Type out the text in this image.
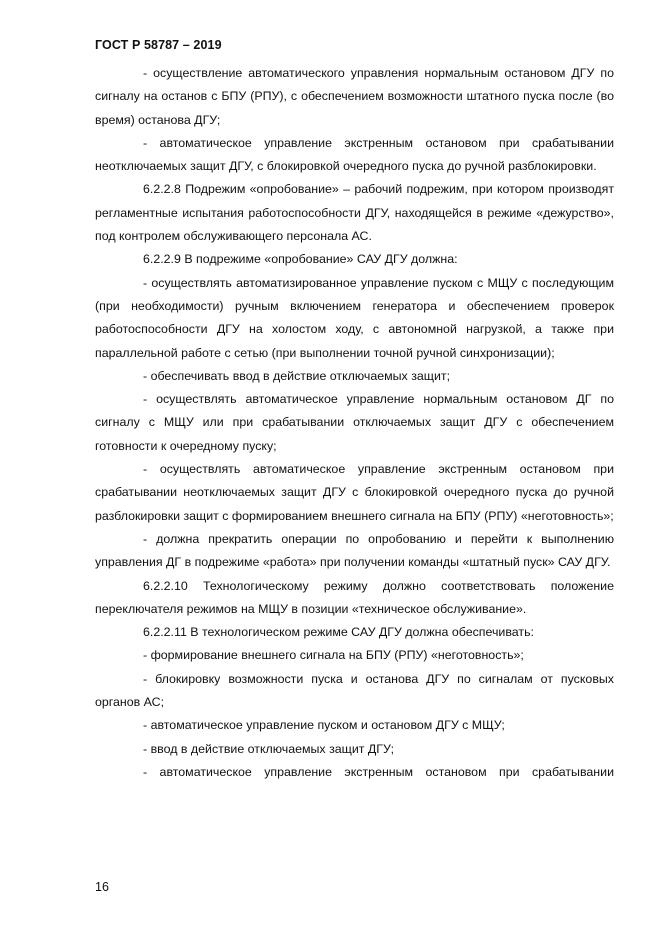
ГОСТ Р 58787 – 2019

- осуществление автоматического управления нормальным остановом ДГУ по сигналу на останов с БПУ (РПУ), с обеспечением возможности штатного пуска после (во время) останова ДГУ;

- автоматическое управление экстренным остановом при срабатывании неотключаемых защит ДГУ, с блокировкой очередного пуска до ручной разблокировки.

6.2.2.8 Подрежим «опробование» – рабочий подрежим, при котором производят регламентные испытания работоспособности ДГУ, находящейся в режиме «дежурство», под контролем обслуживающего персонала АС.

6.2.2.9 В подрежиме «опробование» САУ ДГУ должна:

- осуществлять автоматизированное управление пуском с МЩУ с последующим (при необходимости) ручным включением генератора и обеспечением проверок работоспособности ДГУ на холостом ходу, с автономной нагрузкой, а также при параллельной работе с сетью (при выполнении точной ручной синхронизации);

- обеспечивать ввод в действие отключаемых защит;

- осуществлять автоматическое управление нормальным остановом ДГ по сигналу с МЩУ или при срабатывании отключаемых защит ДГУ с обеспечением готовности к очередному пуску;

- осуществлять автоматическое управление экстренным остановом при срабатывании неотключаемых защит ДГУ с блокировкой очередного пуска до ручной разблокировки защит с формированием внешнего сигнала на БПУ (РПУ) «неготовность»;

- должна прекратить операции по опробованию и перейти к выполнению управления ДГ в подрежиме «работа» при получении команды «штатный пуск» САУ ДГУ.

6.2.2.10 Технологическому режиму должно соответствовать положение переключателя режимов на МЩУ в позиции «техническое обслуживание».

6.2.2.11 В технологическом режиме САУ ДГУ должна обеспечивать:

- формирование внешнего сигнала на БПУ (РПУ) «неготовность»;

- блокировку возможности пуска и останова ДГУ по сигналам от пусковых органов АС;

- автоматическое управление пуском и остановом ДГУ с МЩУ;

- ввод в действие отключаемых защит ДГУ;

- автоматическое управление экстренным остановом при срабатывании

16
